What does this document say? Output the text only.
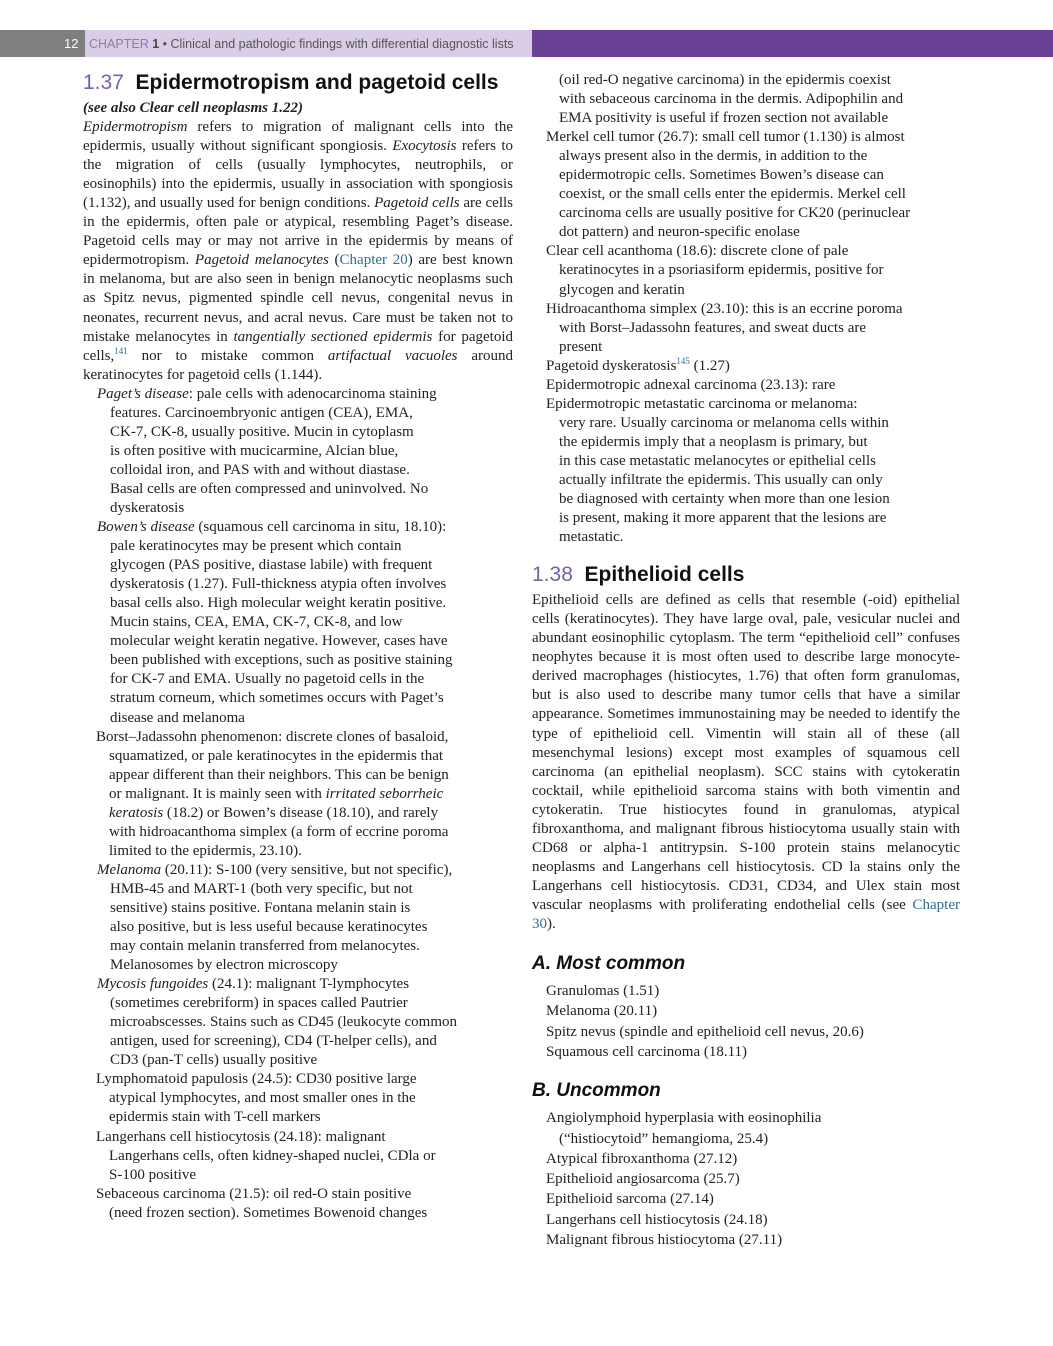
12 CHAPTER 1 • Clinical and pathologic findings with differential diagnostic lists
1.37 Epidermotropism and pagetoid cells

(see also Clear cell neoplasms 1.22)

Epidermotropism refers to migration of malignant cells into the epidermis, usually without significant spongiosis. Exocytosis refers to the migration of cells (usually lymphocytes, neutrophils, or eosinophils) into the epidermis, usually in association with spongiosis (1.132), and usually used for benign conditions. Pagetoid cells are cells in the epidermis, often pale or atypical, resembling Paget’s disease. Pagetoid cells may or may not arrive in the epidermis by means of epidermotropism. Pagetoid melanocytes (Chapter 20) are best known in melanoma, but are also seen in benign melanocytic neoplasms such as Spitz nevus, pigmented spindle cell nevus, congenital nevus in neonates, recurrent nevus, and acral nevus. Care must be taken not to mistake melanocytes in tangentially sectioned epidermis for pagetoid cells,$^{141}$ nor to mistake common artifactual vacuoles around keratinocytes for pagetoid cells (1.144).

Paget’s disease: pale cells with adenocarcinoma staining
features. Carcinoembryonic antigen (CEA), EMA,
CK-7, CK-8, usually positive. Mucin in cytoplasm
is often positive with mucicarmine, Alcian blue,
colloidal iron, and PAS with and without diastase.
Basal cells are often compressed and uninvolved. No
dyskeratosis
Bowen’s disease (squamous cell carcinoma in situ, 18.10):
pale keratinocytes may be present which contain
glycogen (PAS positive, diastase labile) with frequent
dyskeratosis (1.27). Full-thickness atypia often involves
basal cells also. High molecular weight keratin positive.
Mucin stains, CEA, EMA, CK-7, CK-8, and low
molecular weight keratin negative. However, cases have
been published with exceptions, such as positive staining
for CK-7 and EMA. Usually no pagetoid cells in the
stratum corneum, which sometimes occurs with Paget’s
disease and melanoma
Borst–Jadassohn phenomenon: discrete clones of basaloid,
squamatized, or pale keratinocytes in the epidermis that
appear different than their neighbors. This can be benign
or malignant. It is mainly seen with irritated seborrheic
keratosis (18.2) or Bowen’s disease (18.10), and rarely
with hidroacanthoma simplex (a form of eccrine poroma
limited to the epidermis, 23.10).
Melanoma (20.11): S-100 (very sensitive, but not specific),
HMB-45 and MART-1 (both very specific, but not
sensitive) stains positive. Fontana melanin stain is
also positive, but is less useful because keratinocytes
may contain melanin transferred from melanocytes.
Melanosomes by electron microscopy
Mycosis fungoides (24.1): malignant T-lymphocytes
(sometimes cerebriform) in spaces called Pautrier
microabscesses. Stains such as CD45 (leukocyte common
antigen, used for screening), CD4 (T-helper cells), and
CD3 (pan-T cells) usually positive
Lymphomatoid papulosis (24.5): CD30 positive large
atypical lymphocytes, and most smaller ones in the
epidermis stain with T-cell markers
Langerhans cell histiocytosis (24.18): malignant
Langerhans cells, often kidney-shaped nuclei, CDla or
S-100 positive
Sebaceous carcinoma (21.5): oil red-O stain positive
(need frozen section). Sometimes Bowenoid changes
(oil red-O negative carcinoma) in the epidermis coexist
with sebaceous carcinoma in the dermis. Adipophilin and
EMA positivity is useful if frozen section not available
Merkel cell tumor (26.7): small cell tumor (1.130) is almost
always present also in the dermis, in addition to the
epidermotropic cells. Sometimes Bowen’s disease can
coexist, or the small cells enter the epidermis. Merkel cell
carcinoma cells are usually positive for CK20 (perinuclear
dot pattern) and neuron-specific enolase
Clear cell acanthoma (18.6): discrete clone of pale
keratinocytes in a psoriasiform epidermis, positive for
glycogen and keratin
Hidroacanthoma simplex (23.10): this is an eccrine poroma
with Borst–Jadassohn features, and sweat ducts are
present
Pagetoid dyskeratosis$^{145}$ (1.27)
Epidermotropic adnexal carcinoma (23.13): rare
Epidermotropic metastatic carcinoma or melanoma:
very rare. Usually carcinoma or melanoma cells within
the epidermis imply that a neoplasm is primary, but
in this case metastatic melanocytes or epithelial cells
actually infiltrate the epidermis. This usually can only
be diagnosed with certainty when more than one lesion
is present, making it more apparent that the lesions are
metastatic.
1.38 Epithelioid cells

Epithelioid cells are defined as cells that resemble (-oid) epithelial cells (keratinocytes). They have large oval, pale, vesicular nuclei and abundant eosinophilic cytoplasm. The term “epithelioid cell” confuses neophytes because it is most often used to describe large monocyte-derived macrophages (histiocytes, 1.76) that often form granulomas, but is also used to describe many tumor cells that have a similar appearance. Sometimes immunostaining may be needed to identify the type of epithelioid cell. Vimentin will stain all of these (all mesenchymal lesions) except most examples of squamous cell carcinoma (an epithelial neoplasm). SCC stains with cytokeratin cocktail, while epithelioid sarcoma stains with both vimentin and cytokeratin. True histiocytes found in granulomas, atypical fibroxanthoma, and malignant fibrous histiocytoma usually stain with CD68 or alpha-1 antitrypsin. S-100 protein stains melanocytic neoplasms and Langerhans cell histiocytosis. CD la stains only the Langerhans cell histiocytosis. CD31, CD34, and Ulex stain most vascular neoplasms with proliferating endothelial cells (see Chapter 30).

A. Most common
Granulomas (1.51)
Melanoma (20.11)
Spitz nevus (spindle and epithelioid cell nevus, 20.6)
Squamous cell carcinoma (18.11)
B. Uncommon
Angiolymphoid hyperplasia with eosinophilia
(“histiocytoid” hemangioma, 25.4)
Atypical fibroxanthoma (27.12)
Epithelioid angiosarcoma (25.7)
Epithelioid sarcoma (27.14)
Langerhans cell histiocytosis (24.18)
Malignant fibrous histiocytoma (27.11)
